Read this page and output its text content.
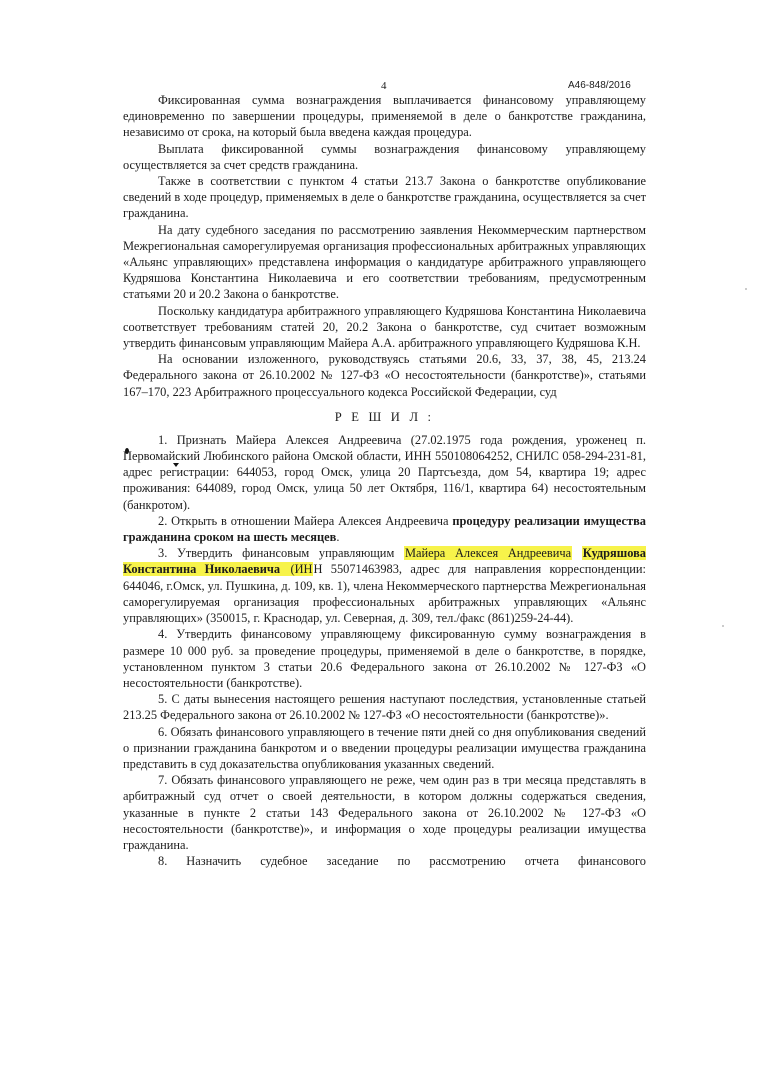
4	А46-848/2016

Фиксированная сумма вознаграждения выплачивается финансовому управляющему единовременно по завершении процедуры, применяемой в деле о банкротстве гражданина, независимо от срока, на который была введена каждая процедура.

Выплата фиксированной суммы вознаграждения финансовому управляющему осуществляется за счет средств гражданина.

Также в соответствии с пунктом 4 статьи 213.7 Закона о банкротстве опубликование сведений в ходе процедур, применяемых в деле о банкротстве гражданина, осуществляется за счет гражданина.

На дату судебного заседания по рассмотрению заявления Некоммерческим партнерством Межрегиональная саморегулируемая организация профессиональных арбитражных управляющих «Альянс управляющих» представлена информация о кандидатуре арбитражного управляющего Кудряшова Константина Николаевича и его соответствии требованиям, предусмотренным статьями 20 и 20.2 Закона о банкротстве.

Поскольку кандидатура арбитражного управляющего Кудряшова Константина Николаевича соответствует требованиям статей 20, 20.2 Закона о банкротстве, суд считает возможным утвердить финансовым управляющим Майера А.А. арбитражного управляющего Кудряшова К.Н.

На основании изложенного, руководствуясь статьями 20.6, 33, 37, 38, 45, 213.24 Федерального закона от 26.10.2002 № 127-ФЗ «О несостоятельности (банкротстве)», статьями 167–170, 223 Арбитражного процессуального кодекса Российской Федерации, суд

Р Е Ш И Л :

1. Признать Майера Алексея Андреевича (27.02.1975 года рождения, уроженец п. Первомайский Любинского района Омской области, ИНН 550108064252, СНИЛС 058-294-231-81, адрес регистрации: 644053, город Омск, улица 20 Партсъезда, дом 54, квартира 19; адрес проживания: 644089, город Омск, улица 50 лет Октября, 116/1, квартира 64) несостоятельным (банкротом).

2. Открыть в отношении Майера Алексея Андреевича процедуру реализации имущества гражданина сроком на шесть месяцев.

3. Утвердить финансовым управляющим Майера Алексея Андреевича Кудряшова Константина Николаевича (ИНН 55071463983, адрес для направления корреспонденции: 644046, г.Омск, ул. Пушкина, д. 109, кв. 1), члена Некоммерческого партнерства Межрегиональная саморегулируемая организация профессиональных арбитражных управляющих «Альянс управляющих» (350015, г. Краснодар, ул. Северная, д. 309, тел./факс (861)259-24-44).

4. Утвердить финансовому управляющему фиксированную сумму вознаграждения в размере 10 000 руб. за проведение процедуры, применяемой в деле о банкротстве, в порядке, установленном пунктом 3 статьи 20.6 Федерального закона от 26.10.2002 № 127-ФЗ «О несостоятельности (банкротстве).

5. С даты вынесения настоящего решения наступают последствия, установленные статьей 213.25 Федерального закона от 26.10.2002 № 127-ФЗ «О несостоятельности (банкротстве)».

6. Обязать финансового управляющего в течение пяти дней со дня опубликования сведений о признании гражданина банкротом и о введении процедуры реализации имущества гражданина представить в суд доказательства опубликования указанных сведений.

7. Обязать финансового управляющего не реже, чем один раз в три месяца представлять в арбитражный суд отчет о своей деятельности, в котором должны содержаться сведения, указанные в пункте 2 статьи 143 Федерального закона от 26.10.2002 № 127-ФЗ «О несостоятельности (банкротстве)», и информация о ходе процедуры реализации имущества гражданина.

8. Назначить судебное заседание по рассмотрению отчета финансового
